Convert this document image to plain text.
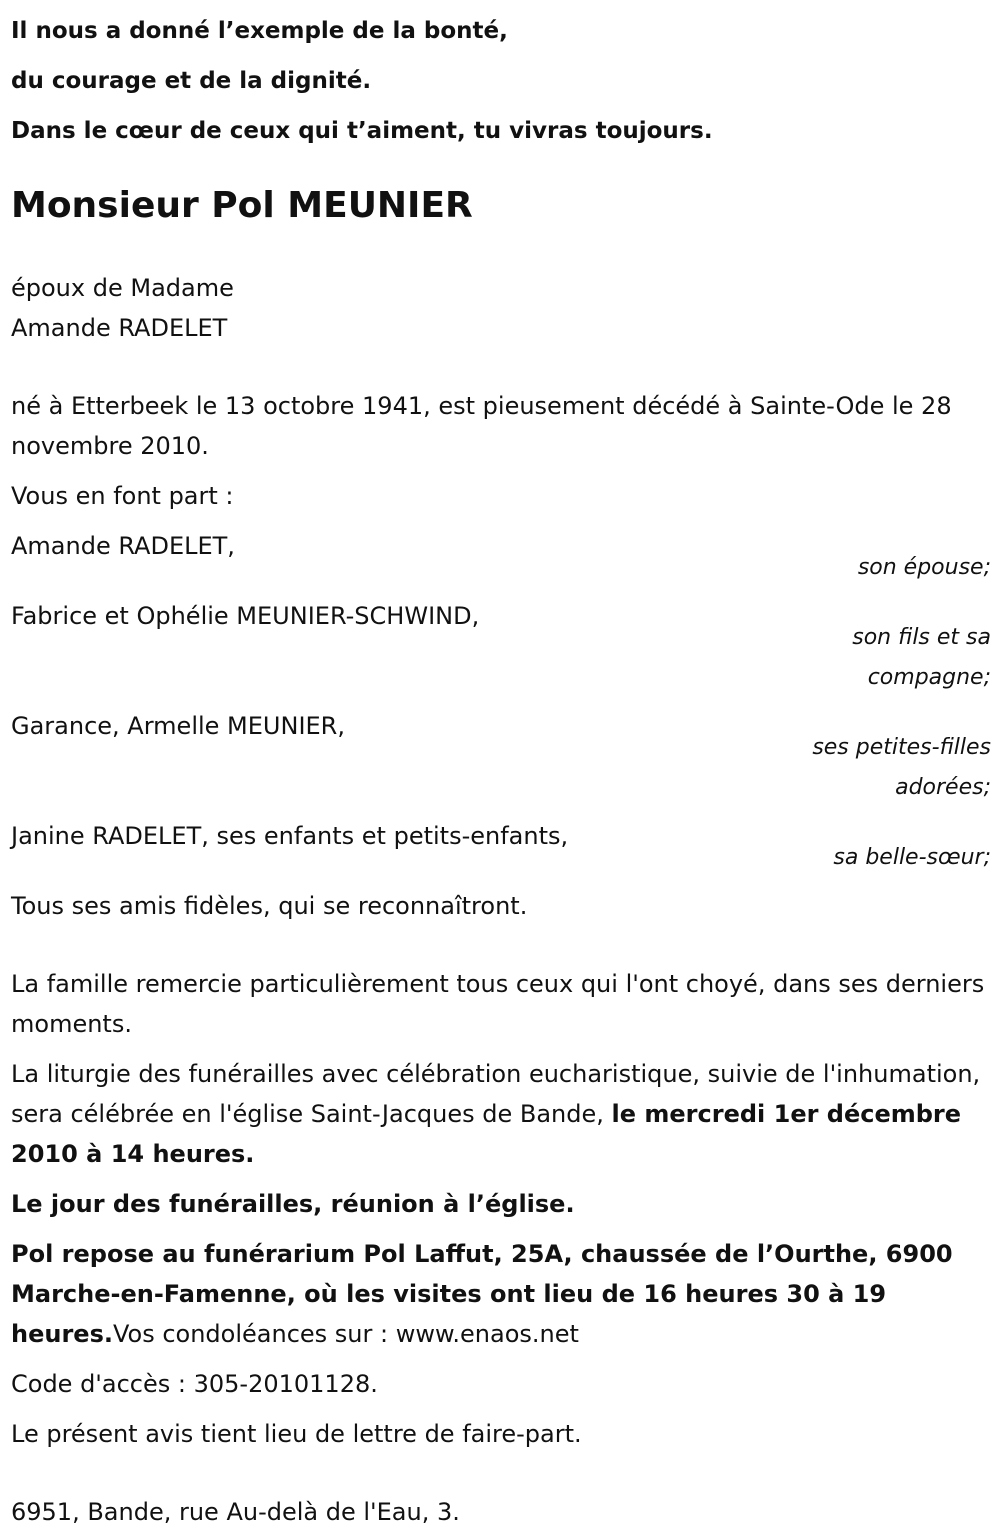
Il nous a donné l’exemple de la bonté,

du courage et de la dignité.

Dans le cœur de ceux qui t’aiment, tu vivras toujours.

Monsieur Pol MEUNIER

époux de Madame

Amande RADELET

né à Etterbeek le 13 octobre 1941, est pieusement décédé à Sainte-Ode le 28 novembre 2010.

Vous en font part :

Amande RADELET,

son épouse;

Fabrice et Ophélie MEUNIER-SCHWIND,

son fils et sa compagne;

Garance, Armelle MEUNIER,

ses petites-filles adorées;

Janine RADELET, ses enfants et petits-enfants,

sa belle-sœur;

Tous ses amis fidèles, qui se reconnaîtront.

La famille remercie particulièrement tous ceux qui l'ont choyé, dans ses derniers moments.

La liturgie des funérailles avec célébration eucharistique, suivie de l'inhumation, sera célébrée en l'église Saint-Jacques de Bande, le mercredi 1er décembre 2010 à 14 heures.

Le jour des funérailles, réunion à l’église.

Pol repose au funérarium Pol Laffut, 25A, chaussée de l’Ourthe, 6900 Marche-en-Famenne, où les visites ont lieu de 16 heures 30 à 19 heures.Vos condoléances sur : www.enaos.net

Code d'accès : 305-20101128.

Le présent avis tient lieu de lettre de faire-part.

6951, Bande, rue Au-delà de l'Eau, 3.
